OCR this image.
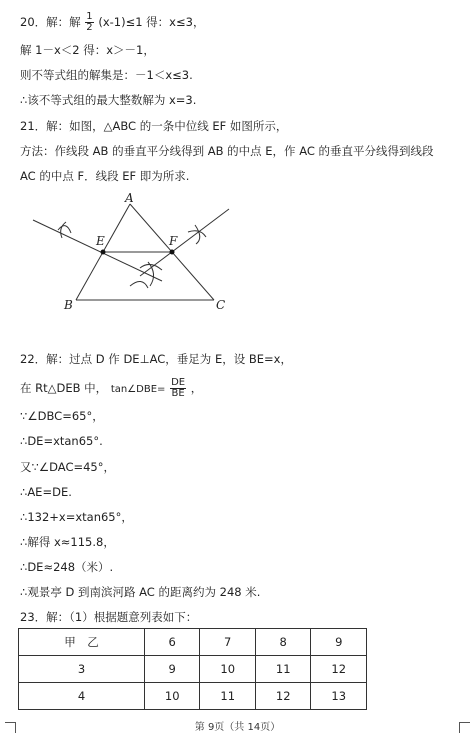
20．解：解 $\frac{1}{2} (x-1)\le 1$ 得：x≤3，
解 1－x＜2 得：x＞－1，
则不等式组的解集是：－1＜x≤3.
∴该不等式组的最大整数解为 x=3.
21．解：如图，△ABC 的一条中位线 EF 如图所示，
方法：作线段 AB 的垂直平分线得到 AB 的中点 E，作 AC 的垂直平分线得到线段
AC 的中点 F．线段 EF 即为所求.
A
E	F
B	C
22．解：过点 D 作 DE⊥AC，垂足为 E，设 BE=x，
在 Rt△DEB 中， tan∠DBE= $\frac{DE}{BE}$ ，
∵∠DBC=65°，
∴DE=xtan65°.
又∵∠DAC=45°，
∴AE=DE.
∴132+x=xtan65°，
∴解得 x≈115.8，
∴DE≈248（米）.
∴观景亭 D 到南滨河路 AC 的距离约为 248 米.
23．解：（1）根据题意列表如下：
甲　乙	6	7	8	9
3	9	10	11	12
4	10	11	12	13
第 9页（共 14页）
